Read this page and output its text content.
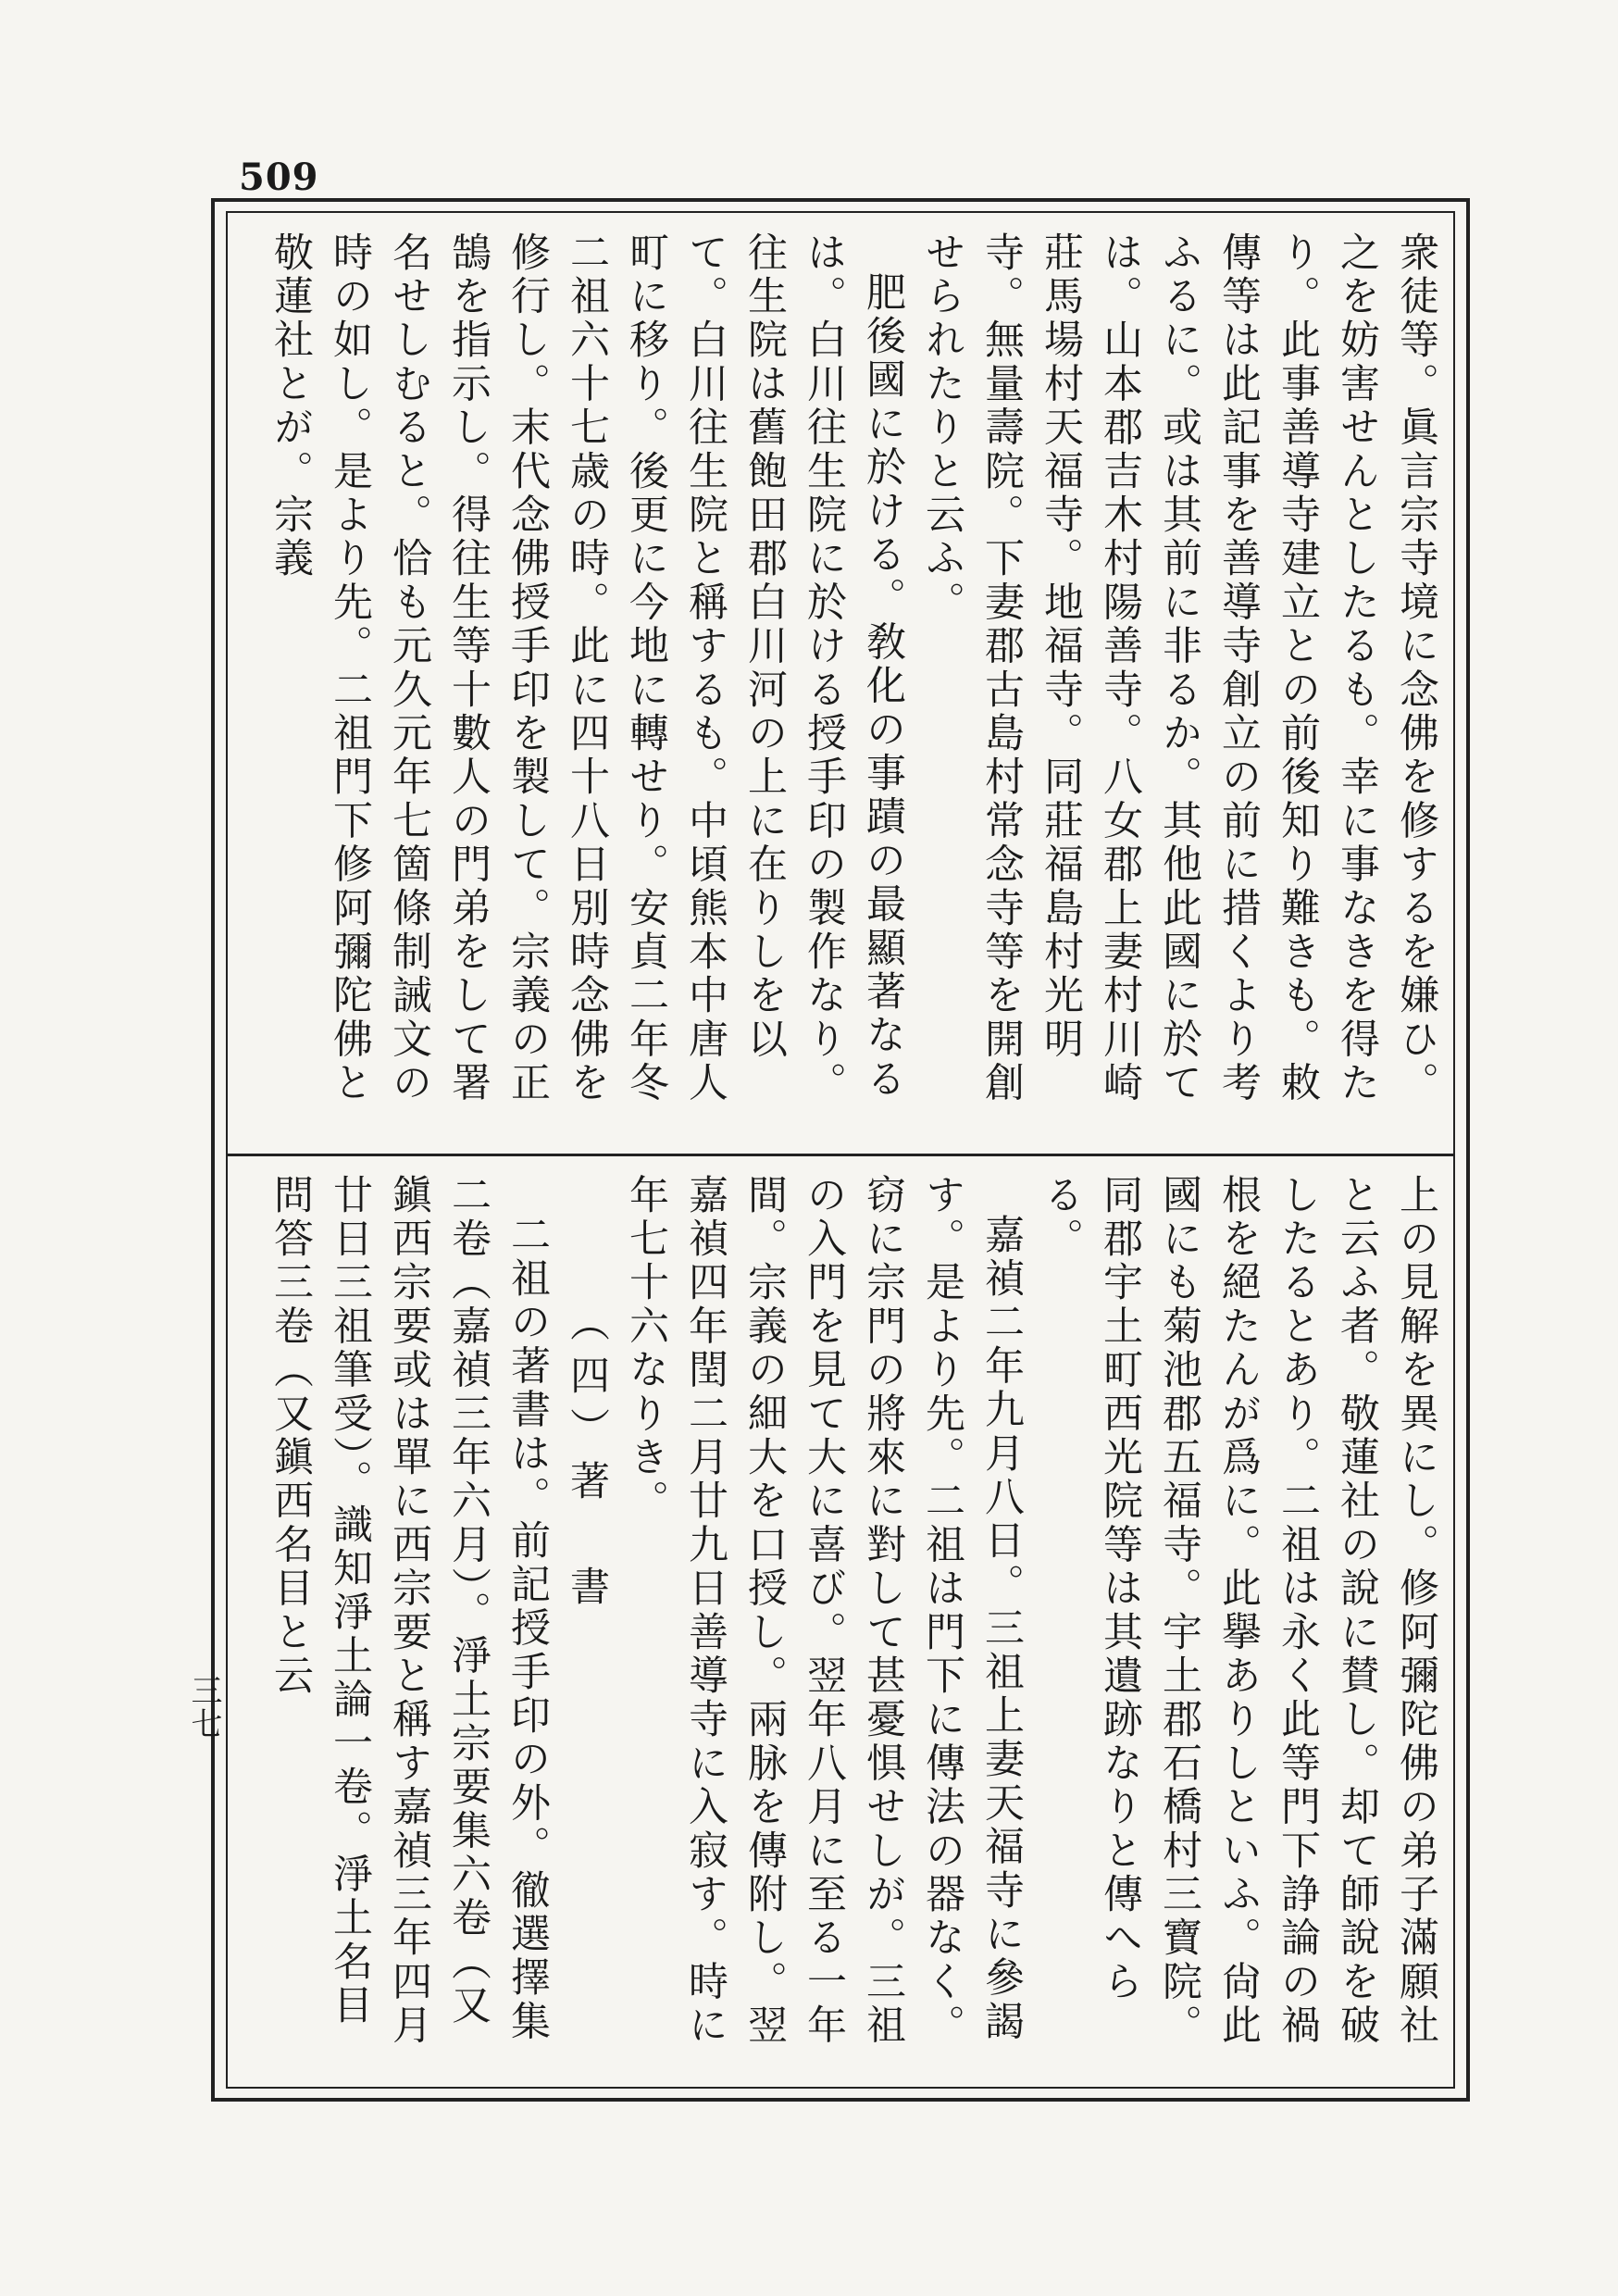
509

衆徒等。眞言宗寺境に念佛を修するを嫌ひ。之を妨害せんとしたるも。幸に事なきを得たり。此事善導寺建立との前後知り難きも。敕傳等は此記事を善導寺創立の前に措くより考ふるに。或は其前に非るか。其他此國に於ては。山本郡吉木村陽善寺。八女郡上妻村川崎莊馬場村天福寺。地福寺。同莊福島村光明寺。無量壽院。下妻郡古島村常念寺等を開創せられたりと云ふ。

肥後國に於ける。敎化の事蹟の最顯著なるは。白川往生院に於ける授手印の製作なり。往生院は舊飽田郡白川河の上に在りしを以て。白川往生院と稱するも。中頃熊本中唐人町に移り。後更に今地に轉せり。安貞二年冬二祖六十七歳の時。此に四十八日別時念佛を修行し。末代念佛授手印を製して。宗義の正鵠を指示し。得往生等十數人の門弟をして署名せしむると。恰も元久元年七箇條制誡文の時の如し。是より先。二祖門下修阿彌陀佛と敬蓮社とが。宗義

上の見解を異にし。修阿彌陀佛の弟子滿願社と云ふ者。敬蓮社の說に賛し。却て師說を破したるとあり。二祖は永く此等門下諍論の禍根を絕たんが爲に。此擧ありしといふ。尙此國にも菊池郡五福寺。宇土郡石橋村三寶院。同郡宇土町西光院等は其遺跡なりと傳へらる。

嘉禎二年九月八日。三祖上妻天福寺に參謁す。是より先。二祖は門下に傳法の器なく。窃に宗門の將來に對して甚憂惧せしが。三祖の入門を見て大に喜び。翌年八月に至る一年間。宗義の細大を口授し。兩脉を傳附し。翌嘉禎四年閏二月廿九日善導寺に入寂す。時に年七十六なりき。

（四）著　書

二祖の著書は。前記授手印の外。徹選擇集二卷（嘉禎三年六月）。淨土宗要集六卷（又鎭西宗要或は單に西宗要と稱す嘉禎三年四月廿日三祖筆受）。識知淨土論一卷。淨土名目問答三卷（又鎭西名目と云

三七
